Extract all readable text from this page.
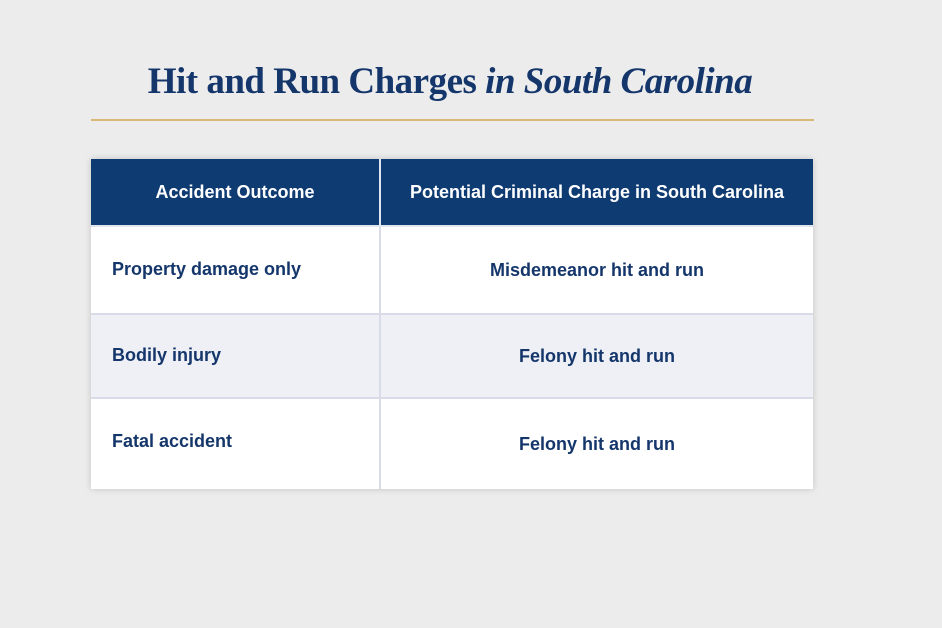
Hit and Run Charges in South Carolina
Accident Outcome	Potential Criminal Charge in South Carolina
Property damage only	Misdemeanor hit and run
Bodily injury	Felony hit and run
Fatal accident	Felony hit and run
